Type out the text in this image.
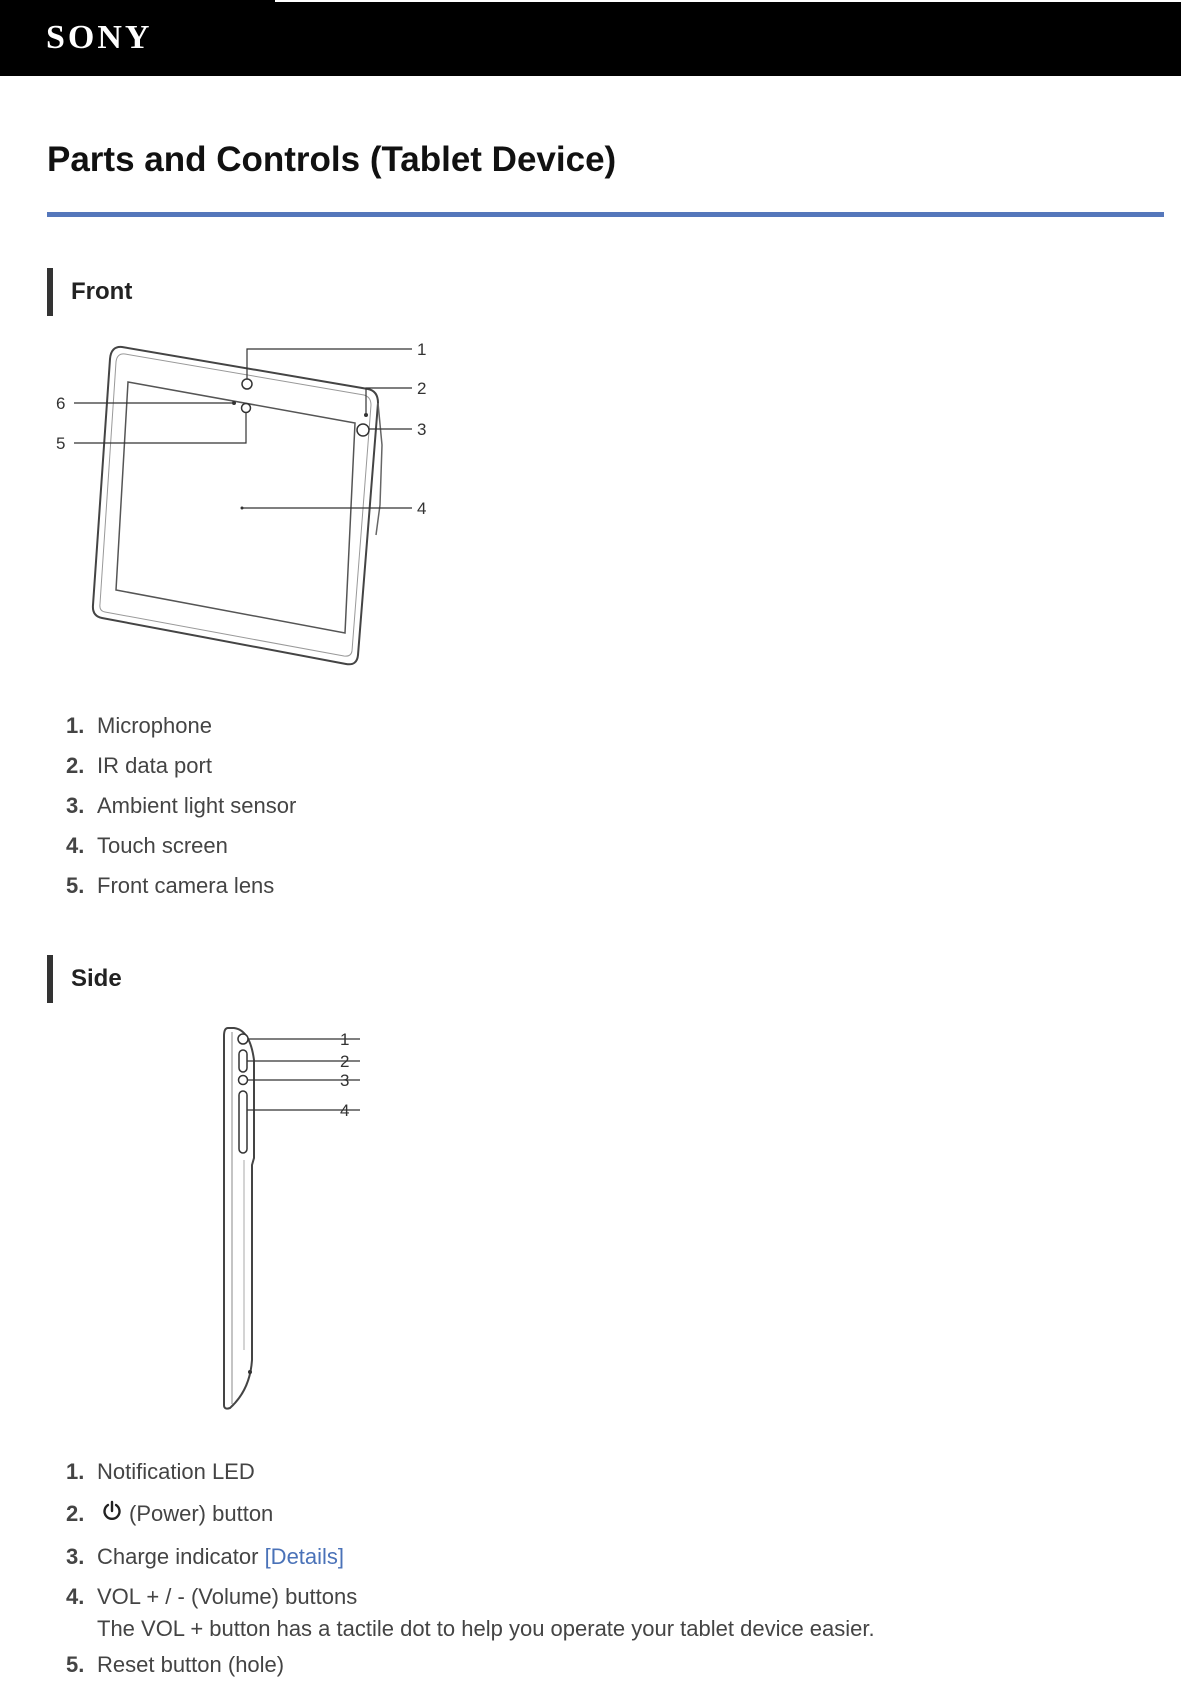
SONY
Parts and Controls (Tablet Device)
Front
1
2
3
4
5
6
1. Microphone
2. IR data port
3. Ambient light sensor
4. Touch screen
5. Front camera lens
Side
1
2
3
4
1. Notification LED
2. (Power) button
3. Charge indicator [Details]
4. VOL + / - (Volume) buttons
The VOL + button has a tactile dot to help you operate your tablet device easier.
5. Reset button (hole)
